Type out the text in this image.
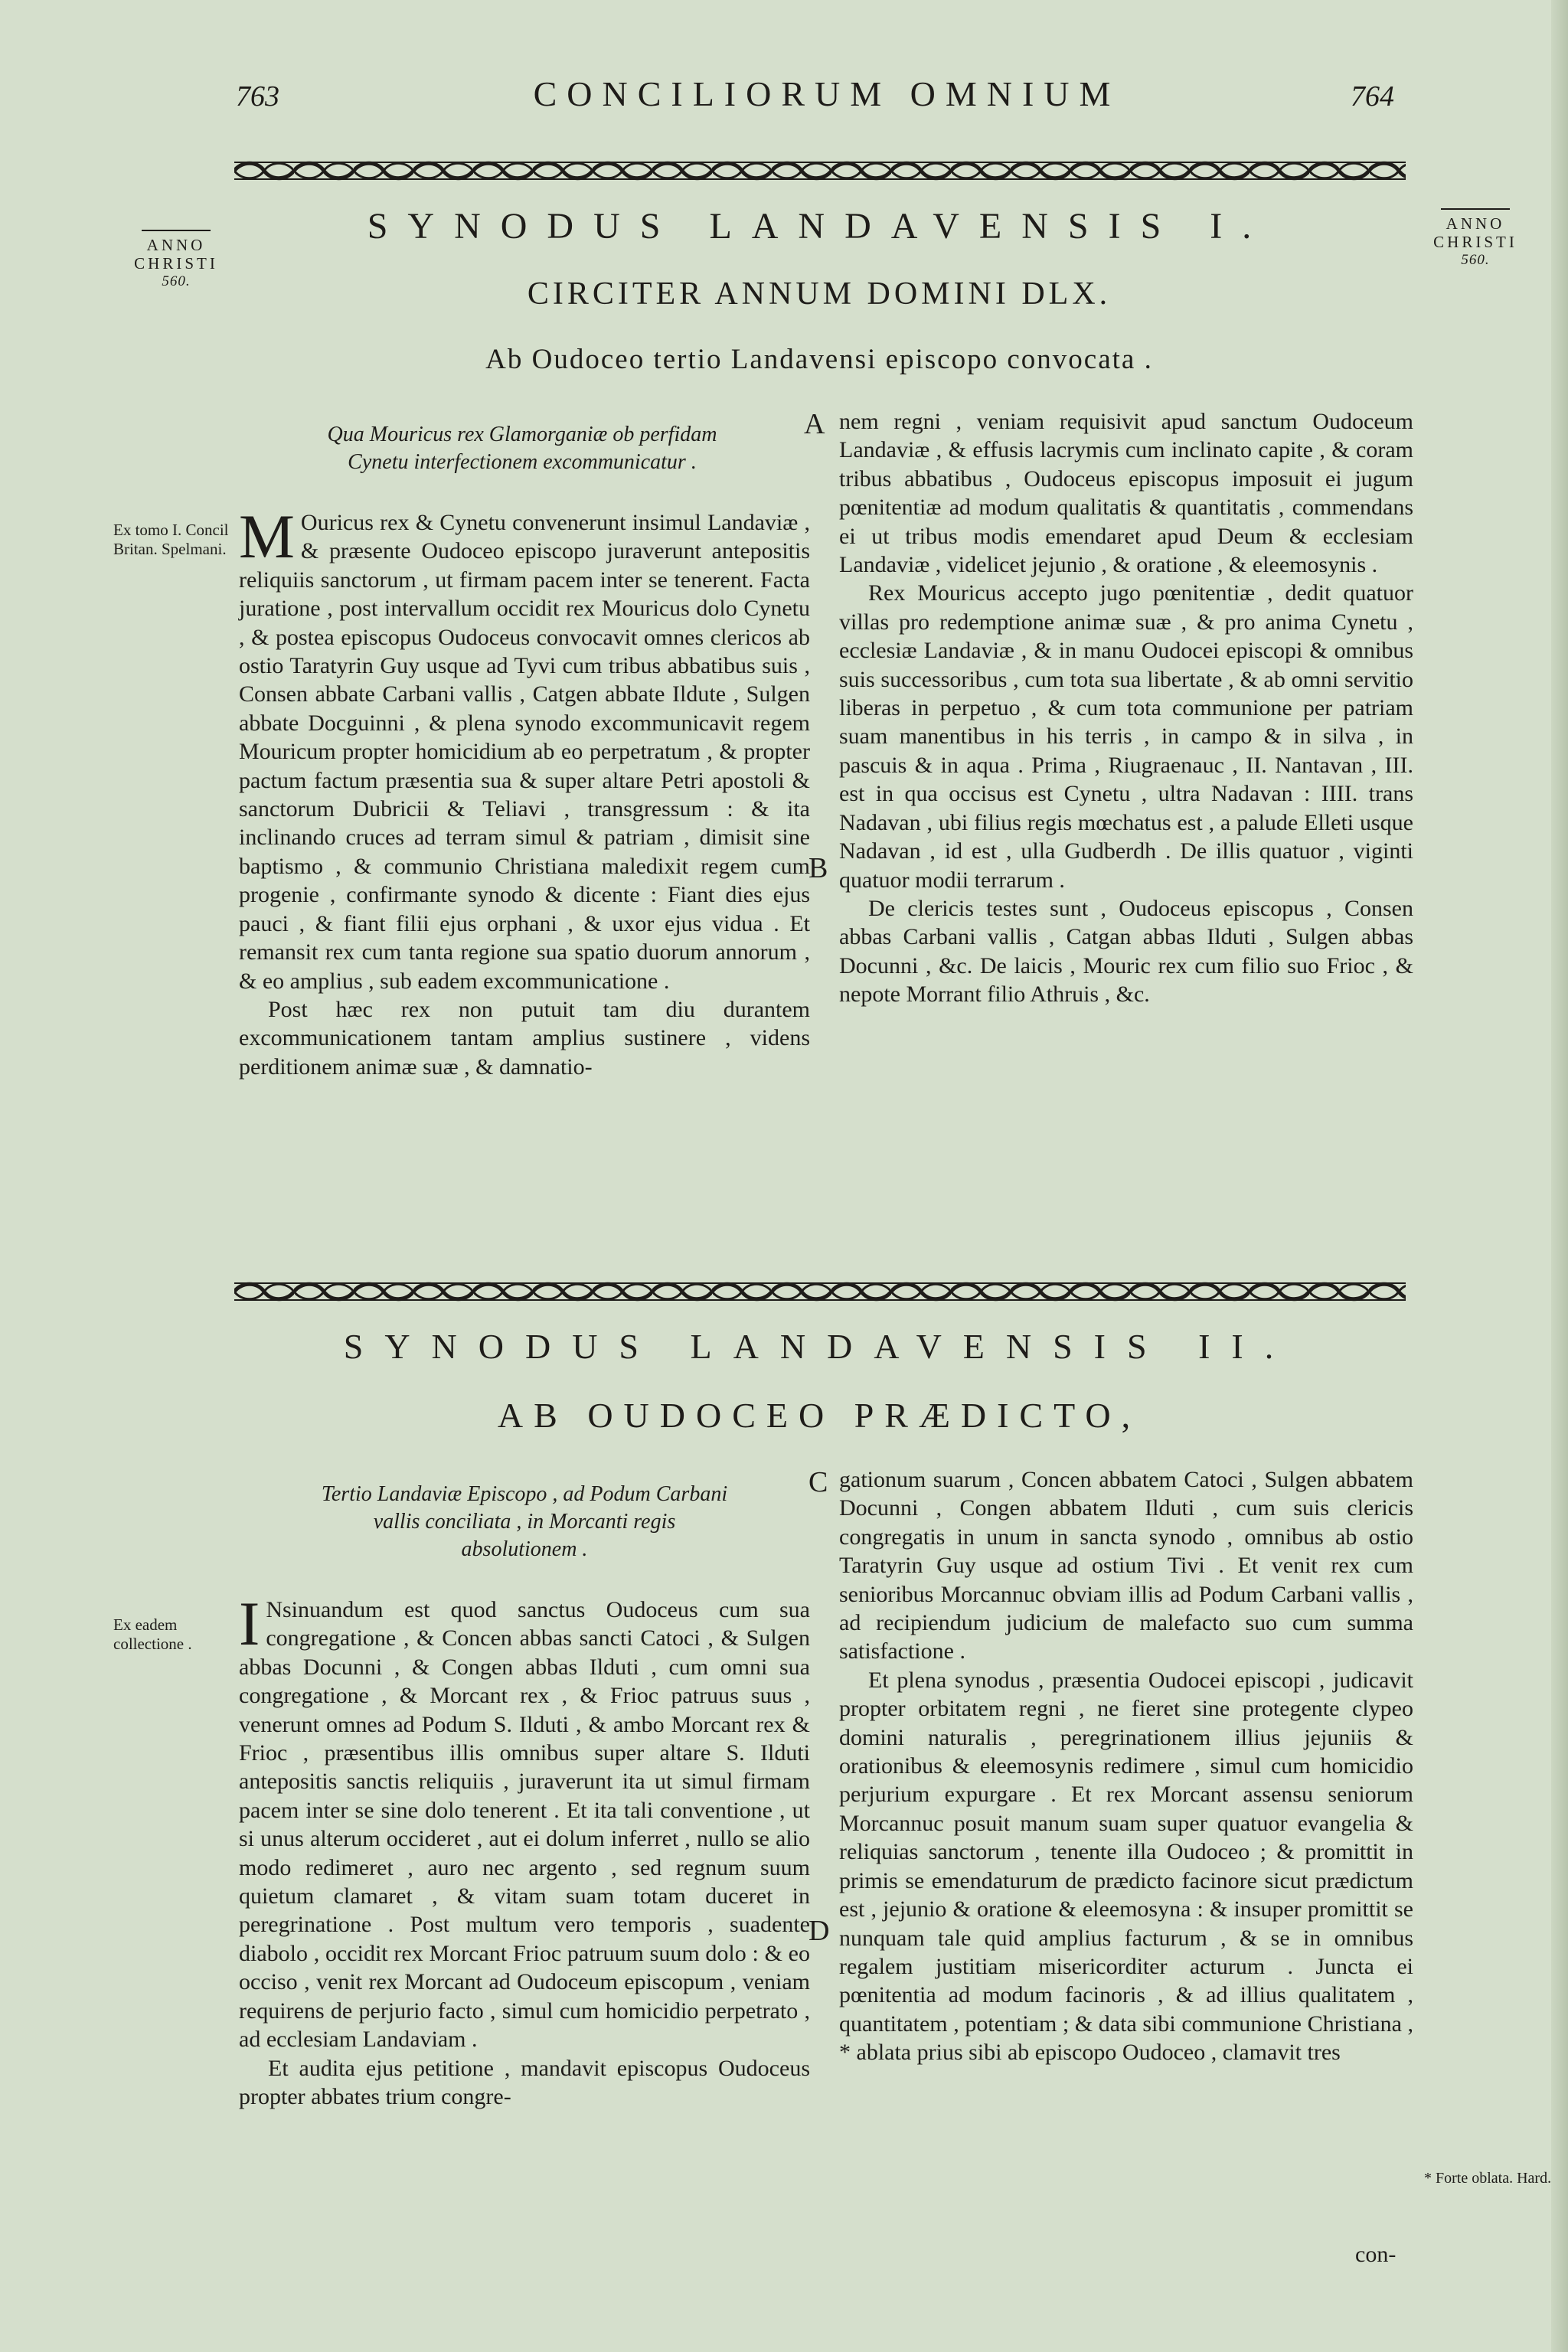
763	CONCILIORUM OMNIUM	764
ANNO
CHRISTI
560.
ANNO
CHRISTI
560.
SYNODUS LANDAVENSIS I.
CIRCITER ANNUM DOMINI DLX.
Ab Oudoceo tertio Landavensi episcopo convocata .
Qua Mouricus rex Glamorganiæ ob perfidam
Cynetu interfectionem excommunicatur .
Ex tomo I. Concil Britan. Spelmani.
A
B

M Ouricus rex & Cynetu convenerunt insimul Landaviæ , & præsente Oudoceo episcopo juraverunt antepositis reliquiis sanctorum , ut firmam pacem inter se tenerent. Facta juratione , post intervallum occidit rex Mouricus dolo Cynetu , & postea episcopus Oudoceus convocavit omnes clericos ab ostio Taratyrin Guy usque ad Tyvi cum tribus abbatibus suis , Consen abbate Carbani vallis , Catgen abbate Ildute , Sulgen abbate Docguinni , & plena synodo excommunicavit regem Mouricum propter homicidium ab eo perpetratum , & propter pactum factum præsentia sua & super altare Petri apostoli & sanctorum Dubricii & Teliavi , transgressum : & ita inclinando cruces ad terram simul & patriam , dimisit sine baptismo , & communio Christiana maledixit regem cum progenie , confirmante synodo & dicente : Fiant dies ejus pauci , & fiant filii ejus orphani , & uxor ejus vidua . Et remansit rex cum tanta regione sua spatio duorum annorum , & eo amplius , sub eadem excommunicatione .

Post hæc rex non putuit tam diu durantem excommunicationem tantam amplius sustinere , videns perditionem animæ suæ , & damnatio-

nem regni , veniam requisivit apud sanctum Oudoceum Landaviæ , & effusis lacrymis cum inclinato capite , & coram tribus abbatibus , Oudoceus episcopus imposuit ei jugum pœnitentiæ ad modum qualitatis & quantitatis , commendans ei ut tribus modis emendaret apud Deum & ecclesiam Landaviæ , videlicet jejunio , & oratione , & eleemosynis .

Rex Mouricus accepto jugo pœnitentiæ , dedit quatuor villas pro redemptione animæ suæ , & pro anima Cynetu , ecclesiæ Landaviæ , & in manu Oudocei episcopi & omnibus suis successoribus , cum tota sua libertate , & ab omni servitio liberas in perpetuo , & cum tota communione per patriam suam manentibus in his terris , in campo & in silva , in pascuis & in aqua . Prima , Riugraenauc , II. Nantavan , III. est in qua occisus est Cynetu , ultra Nadavan : IIII. trans Nadavan , ubi filius regis mœchatus est , a palude Elleti usque Nadavan , id est , ulla Gudberdh . De illis quatuor , viginti quatuor modii terrarum .

De clericis testes sunt , Oudoceus episcopus , Consen abbas Carbani vallis , Catgan abbas Ilduti , Sulgen abbas Docunni , &c. De laicis , Mouric rex cum filio suo Frioc , & nepote Morrant filio Athruis , &c.

SYNODUS LANDAVENSIS II.
AB OUDOCEO PRÆDICTO,
Tertio Landaviæ Episcopo , ad Podum Carbani
vallis conciliata , in Morcanti regis
absolutionem .
Ex eadem collectione .
C
D

I Nsinuandum est quod sanctus Oudoceus cum sua congregatione , & Concen abbas sancti Catoci , & Sulgen abbas Docunni , & Congen abbas Ilduti , cum omni sua congregatione , & Morcant rex , & Frioc patruus suus , venerunt omnes ad Podum S. Ilduti , & ambo Morcant rex & Frioc , præsentibus illis omnibus super altare S. Ilduti antepositis sanctis reliquiis , juraverunt ita ut simul firmam pacem inter se sine dolo tenerent . Et ita tali conventione , ut si unus alterum occideret , aut ei dolum inferret , nullo se alio modo redimeret , auro nec argento , sed regnum suum quietum clamaret , & vitam suam totam duceret in peregrinatione . Post multum vero temporis , suadente diabolo , occidit rex Morcant Frioc patruum suum dolo : & eo occiso , venit rex Morcant ad Oudoceum episcopum , veniam requirens de perjurio facto , simul cum homicidio perpetrato , ad ecclesiam Landaviam .

Et audita ejus petitione , mandavit episcopus Oudoceus propter abbates trium congre-

gationum suarum , Concen abbatem Catoci , Sulgen abbatem Docunni , Congen abbatem Ilduti , cum suis clericis congregatis in unum in sancta synodo , omnibus ab ostio Taratyrin Guy usque ad ostium Tivi . Et venit rex cum senioribus Morcannuc obviam illis ad Podum Carbani vallis , ad recipiendum judicium de malefacto suo cum summa satisfactione .

Et plena synodus , præsentia Oudocei episcopi , judicavit propter orbitatem regni , ne fieret sine protegente clypeo domini naturalis , peregrinationem illius jejuniis & orationibus & eleemosynis redimere , simul cum homicidio perjurium expurgare . Et rex Morcant assensu seniorum Morcannuc posuit manum suam super quatuor evangelia & reliquias sanctorum , tenente illa Oudoceo ; & promittit in primis se emendaturum de prædicto facinore sicut prædictum est , jejunio & oratione & eleemosyna : & insuper promittit se nunquam tale quid amplius facturum , & se in omnibus regalem justitiam misericorditer acturum . Juncta ei pœnitentia ad modum facinoris , & ad illius qualitatem , quantitatem , potentiam ; & data sibi communione Christiana , * ablata prius sibi ab episcopo Oudoceo , clamavit tres

* Forte oblata. Hard.
con-
